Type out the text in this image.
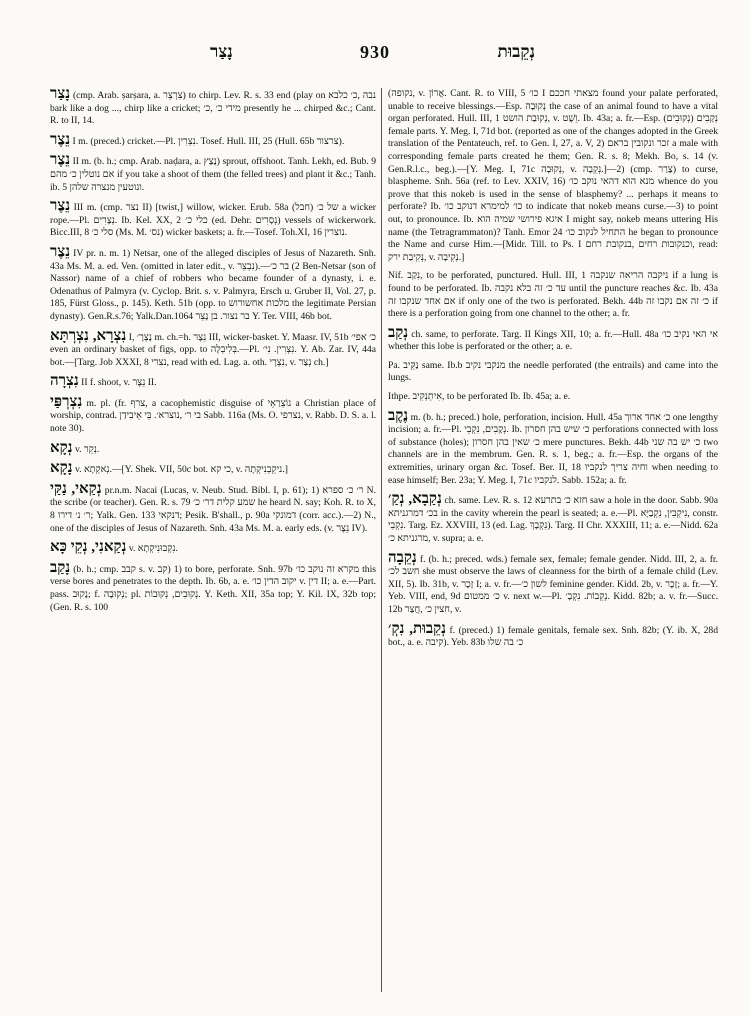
נָצַר	930	נְקֵבוּת

נָצַר (cmp. Arab. ṣarṣara, a. צִרְצֵר) to chirp. Lev. R. s. 33 end (play on נבה ,כ׳ כלבא bark like a dog ..., chirp like a cricket; מידי כ׳ ,כ׳ presently he ... chirped &c.; Cant. R. to II, 14.

נֵצֶר I m. (preced.) cricket.—Pl. נִצְרִין. Tosef. Hull. III, 25 (Hull. 65b צרצור).

נֵצֶר II m. (b. h.; cmp. Arab. naḍara, a. נָצַץ) sprout, offshoot. Tanh. Lekh, ed. Bub. 9 אם נוטלין כ׳ מהם if you take a shoot of them (the felled trees) and plant it &c.; Tanh. ib. 5 ונוטעין מנצרה שלהן.

נֵצֶר III m. (cmp. נצר II) [twist,] willow, wicker. Erub. 58a (חבל) של כ׳ a wicker rope.—Pl. נְצָרִים. Ib. Kel. XX, 2 כלי כ׳ (ed. Dehr. נְסָרִים) vessels of wickerwork. Bicc.III, 8 סלי כ׳ (Ms. M. נס׳) wicker baskets; a. fr.—Tosef. Toh.XI, 16 נוצרין.

נֵצֶר IV pr. n. m. 1) Netsar, one of the alleged disciples of Jesus of Nazareth. Snh. 43a Ms. M. a. ed. Ven. (omitted in later edit., v. נִבְצֵר).—2) בר כ׳ Ben-Netsar (son of Nassor) name of a chief of robbers who became founder of a dynasty, i. e. Odenathus of Palmyra (v. Cyclop. Brit. s. v. Palmyra, Ersch u. Gruber II, Vol. 27, p. 185, Fürst Gloss., p. 145). Keth. 51b (opp. to מלכות אחשורוש the legitimate Persian dynasty). Gen.R.s.76; Yalk.Dan.1064 בר נצור. בן נָצֵר Y. Ter. VIII, 46b bot.

נִצְרָא, נִצְרְתָּא I, נָצְרָ׳ m. ch.=h. נֵצֶר III, wicker-basket. Y. Maasr. IV, 51b כ׳ אפי׳ even an ordinary basket of figs, opp. to בְּלִיבְלָה.—Pl. נִצְרִין. נִי׳. Y. Ab. Zar. IV, 44a bot.—[Targ. Job XXXI, 8 נצרי, read with ed. Lag. a. oth. נִצְרָי, v. נְצַר ch.]

נִצְרָה II f. shoot, v. נֵצֶר II.

נִצְרְפַּי m. pl. (fr. צרף, a cacophemistic disguise of נוֹצְרַאֵי a Christian place of worship, contrad. בי ר׳ ,נוצרא׳. בֵּי אֵיבִידַן Sabb. 116a (Ms. O. נצרפי, v. Rabb. D. S. a. l. note 30).

נְקָא v. נְקֵר.

נָקָא v. נְאקְתָא.—[Y. Shek. VII, 50c bot. כי קא, v. ניקֵבְנִיקְתָה.]

נְקַאי, נַקַּי pr.n.m. Nacai (Lucas, v. Neub. Stud. Bibl. I, p. 61); 1) ר׳ כ׳ ספרא N. the scribe (or teacher). Gen. R. s. 79 שמע קלית דר׳ כ׳ he heard N. say; Koh. R. to X, 8 ר׳ נ׳ דירו; Yalk. Gen. 133 דנקאי; Pesik. B'shall., p. 90a דמונקי (corr. acc.).—2) N., one of the disciples of Jesus of Nazareth. Snh. 43a Ms. M. a. early eds. (v. נֵצֶר IV).

נְקַאנִי, נְקֵי כָּא v. נִקְבוּנִיקְתָא.

נָקַב (b. h.; cmp. קבב s. v. קב) 1) to bore, perforate. Snh. 97b מקרא זה נוקב כו׳ this verse bores and penetrates to the depth. Ib. 6b, a. e. יקוב הדין כו׳ v. דין II; a. e.—Part. pass. נָקוּב; f. נְקוּבָה; pl. נְקוּבִים, נְקוּבוֹת. Y. Keth. XII, 35a top; Y. Kil. IX, 32b top; (Gen. R. s. 100

(נקופה, v. אֲרוֹן. Cant. R. to VIII, 5 כו׳ I מצאתי חככם found your palate perforated, unable to receive blessings.—Esp. נְקוּבָה the case of an animal found to have a vital organ perforated. Hull. III, 1 נְקוּבַת הושט, v. וֵשֶׁט. Ib. 43a; a. fr.—Esp. נְקָבִים (נְקוּבִים) female parts. Y. Meg. I, 71d bot. (reported as one of the changes adopted in the Greek translation of the Pentateuch, ref. to Gen. I, 27, a. V, 2) זכר ונקובין בראם a male with corresponding female parts created he them; Gen. R. s. 8; Mekh. Bo, s. 14 (v. Gen.R.l.c., beg.).—[Y. Meg. I, 71c נְקוּבָה, v. נְקֵבָה.]—2) (cmp. צָרַר) to curse, blaspheme. Snh. 56a (ref. to Lev. XXIV, 16) מנא הוא דהאי נוקב כו׳ whence do you prove that this nokeb is used in the sense of blasphemy? ... perhaps it means to perforate? Ib. כו׳ למימרא דנוקב כו׳ to indicate that nokeb means curse.—3) to point out, to pronounce. Ib. איגא פירושי שמיה הוא I might say, nokeb means uttering His name (the Tetragrammaton)? Tanh. Emor 24 התחיל לנקוב כו׳ he began to pronounce the Name and curse Him.—[Midr. Till. to Ps. I וכנקובות רחים ,בנקובת רחם, read: נְקִיבַת ירק, v. נְקִיבָה.]

Nif. נִקַב, to be perforated, punctured. Hull. III, 1 ניקבה הריאה שנקבה if a lung is found to be perforated. Ib. עד כ׳ זה בלא נקבה until the puncture reaches &c. Ib. 43a אם אחד שנקבו זה if only one of the two is perforated. Bekh. 44b כ׳ זה אם נקבו זה if there is a perforation going from one channel to the other; a. fr.

נְקַב ch. same, to perforate. Targ. II Kings XII, 10; a. fr.—Hull. 48a אי האי נקיב כו׳ whether this lobe is perforated or the other; a. e.

Pa. נַקֵּיב same. Ib.b מנקבי נקיב the needle perforated (the entrails) and came into the lungs.

Ithpe. אִיתְנְקִיב, to be perforated Ib. Ib. 45a; a. e.

נֶקֶב m. (b. h.; preced.) hole, perforation, incision. Hull. 45a כ׳ אחד ארוך one lengthy incision; a. fr.—Pl. נְקָבִים, נִקְבֵי. Ib. כ׳ שיש בהן חסרון perforations connected with loss of substance (holes); כ׳ שאין בהן חסרון mere punctures. Bekh. 44b כ׳ יש בה שני two channels are in the membrum. Gen. R. s. 1, beg.; a. fr.—Esp. the organs of the extremities, urinary organ &c. Tosef. Ber. II, 18 וחיה צריך לנקביו when needing to ease himself; Ber. 23a; Y. Meg. I, 71c לנקביו. Sabb. 152a; a. fr.

נְקַבָא, נְקַ׳ ch. same. Lev. R. s. 12 חזא כ׳ בתרעא saw a hole in the door. Sabb. 90a בכ׳ דמרגניתא in the cavity wherein the pearl is seated; a. e.—Pl. נִיקְבִין, נִקְבַיָּא, constr. נִקְבֵי. Targ. Ez. XXVIII, 13 (ed. Lag. נִקְבָךְ). Targ. II Chr. XXXIII, 11; a. e.—Nidd. 62a מרגניתא כ׳, v. supra; a. e.

נְקֵבָה f. (b. h.; preced. wds.) female sex, female; female gender. Nidd. III, 2, a. fr. חשב לכ׳ she must observe the laws of cleanness for the birth of a female child (Lev. XII, 5). Ib. 31b, v. זָכָר I; a. v. fr.—לשון כ׳ feminine gender. Kidd. 2b, v. זָכָר; a. fr.—Y. Yeb. VIII, end, 9d כ׳ ממטום v. next w.—Pl. נְקֵבוֹת. נִקְבָ׳. Kidd. 82b; a. v. fr.—Succ. 12b חצין כ׳ ,חֲצַר, v.

נְקֵבוּת, נִקְ׳ f. (preced.) 1) female genitals, female sex. Snh. 82b; (Y. ib. X, 28d bot., a. e. קיבה). Yeb. 83b כ׳ בה שלו
